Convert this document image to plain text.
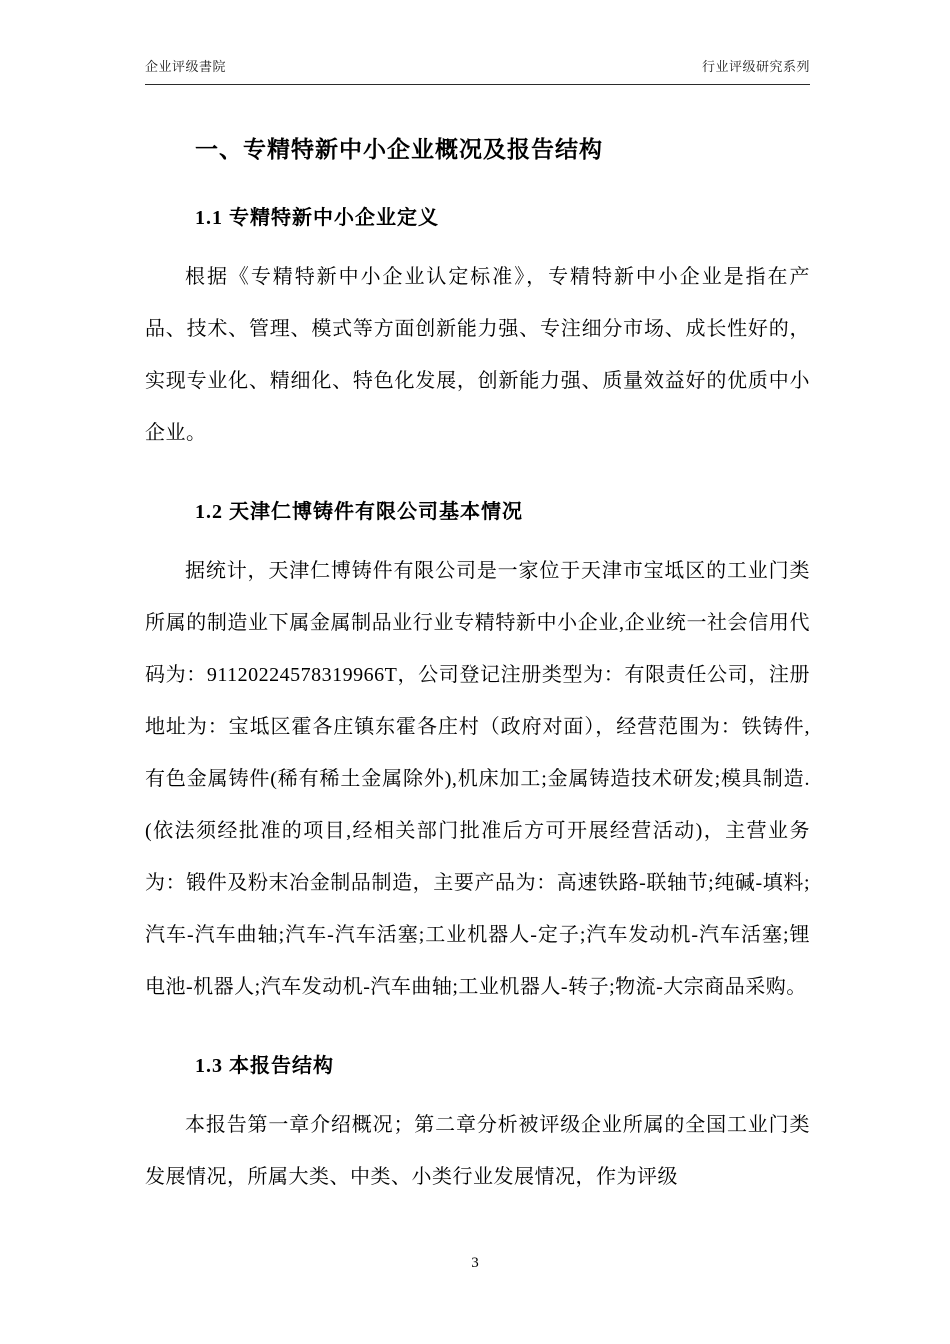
企业评级書院	行业评级研究系列
一、专精特新中小企业概况及报告结构
1.1 专精特新中小企业定义

根据《专精特新中小企业认定标准》，专精特新中小企业是指在产品、技术、管理、模式等方面创新能力强、专注细分市场、成长性好的，实现专业化、精细化、特色化发展，创新能力强、质量效益好的优质中小企业。

1.2 天津仁博铸件有限公司基本情况

据统计，天津仁博铸件有限公司是一家位于天津市宝坻区的工业门类所属的制造业下属金属制品业行业专精特新中小企业,企业统一社会信用代码为：91120224578319966T，公司登记注册类型为：有限责任公司，注册地址为：宝坻区霍各庄镇东霍各庄村（政府对面），经营范围为：铁铸件,有色金属铸件(稀有稀土金属除外),机床加工;金属铸造技术研发;模具制造.(依法须经批准的项目,经相关部门批准后方可开展经营活动)，主营业务为：锻件及粉末冶金制品制造，主要产品为：高速铁路-联轴节;纯碱-填料;汽车-汽车曲轴;汽车-汽车活塞;工业机器人-定子;汽车发动机-汽车活塞;锂电池-机器人;汽车发动机-汽车曲轴;工业机器人-转子;物流-大宗商品采购。

1.3 本报告结构

本报告第一章介绍概况；第二章分析被评级企业所属的全国工业门类发展情况，所属大类、中类、小类行业发展情况，作为评级

3
